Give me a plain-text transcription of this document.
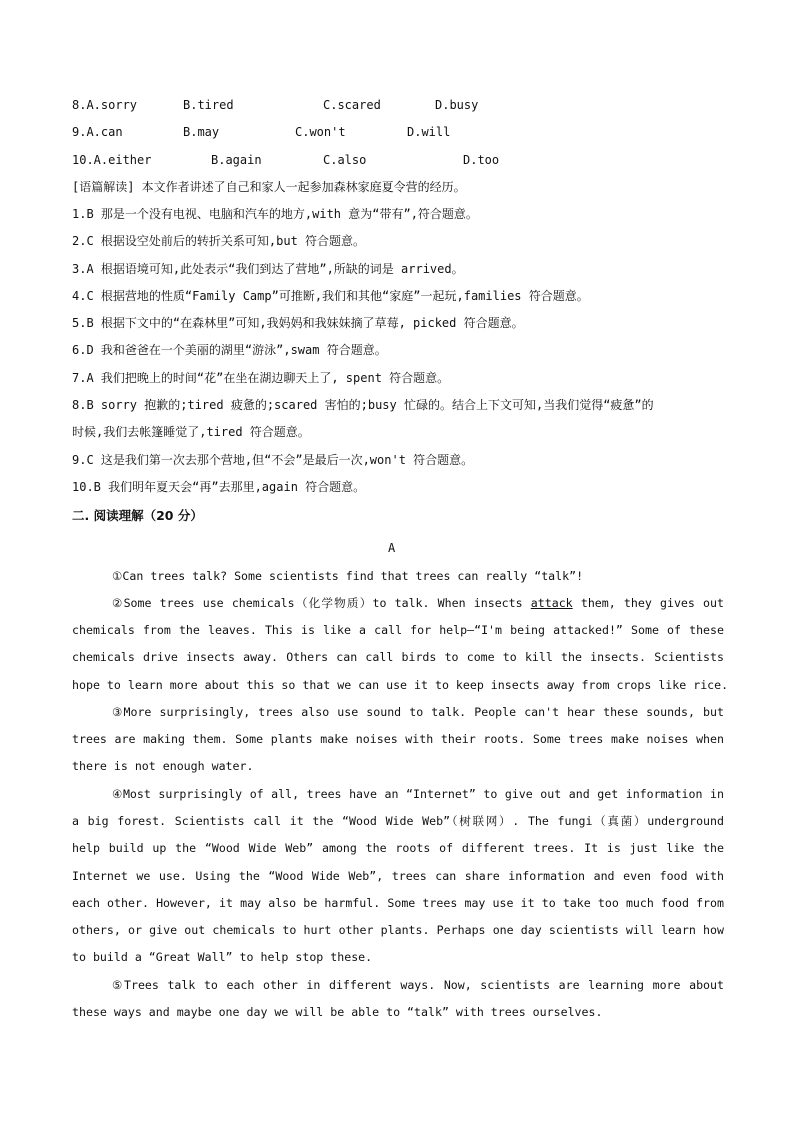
8.A.sorry	B.tired	C.scared	D.busy
9.A.can	B.may	C.won't	D.will
10.A.either	B.again	C.also	D.too
[语篇解读] 本文作者讲述了自己和家人一起参加森林家庭夏令营的经历。
1.B 那是一个没有电视、电脑和汽车的地方,with 意为“带有”,符合题意。
2.C 根据设空处前后的转折关系可知,but 符合题意。
3.A 根据语境可知,此处表示“我们到达了营地”,所缺的词是 arrived。
4.C 根据营地的性质“Family Camp”可推断,我们和其他“家庭”一起玩,families 符合题意。
5.B 根据下文中的“在森林里”可知,我妈妈和我妹妹摘了草莓, picked 符合题意。
6.D 我和爸爸在一个美丽的湖里“游泳”,swam 符合题意。
7.A 我们把晚上的时间“花”在坐在湖边聊天上了, spent 符合题意。
8.B sorry 抱歉的;tired 疲惫的;scared 害怕的;busy 忙碌的。结合上下文可知,当我们觉得“疲惫”的
时候,我们去帐篷睡觉了,tired 符合题意。
9.C 这是我们第一次去那个营地,但“不会”是最后一次,won't 符合题意。
10.B 我们明年夏天会“再”去那里,again 符合题意。
二. 阅读理解（20 分）
A
①Can trees talk? Some scientists find that trees can really “talk”!
②Some trees use chemicals（化学物质）to talk. When insects attack them, they gives out
chemicals from the leaves. This is like a call for help—“I'm being attacked!” Some of these
chemicals drive insects away. Others can call birds to come to kill the insects. Scientists
hope to learn more about this so that we can use it to keep insects away from crops like rice.
③More surprisingly, trees also use sound to talk. People can't hear these sounds, but
trees are making them. Some plants make noises with their roots. Some trees make noises when
there is not enough water.
④Most surprisingly of all, trees have an “Internet” to give out and get information in
a big forest. Scientists call it the “Wood Wide Web”（树联网）. The fungi（真菌）underground
help build up the “Wood Wide Web” among the roots of different trees. It is just like the
Internet we use. Using the “Wood Wide Web”, trees can share information and even food with
each other. However, it may also be harmful. Some trees may use it to take too much food from
others, or give out chemicals to hurt other plants. Perhaps one day scientists will learn how
to build a “Great Wall” to help stop these.
⑤Trees talk to each other in different ways. Now, scientists are learning more about
these ways and maybe one day we will be able to “talk” with trees ourselves.
